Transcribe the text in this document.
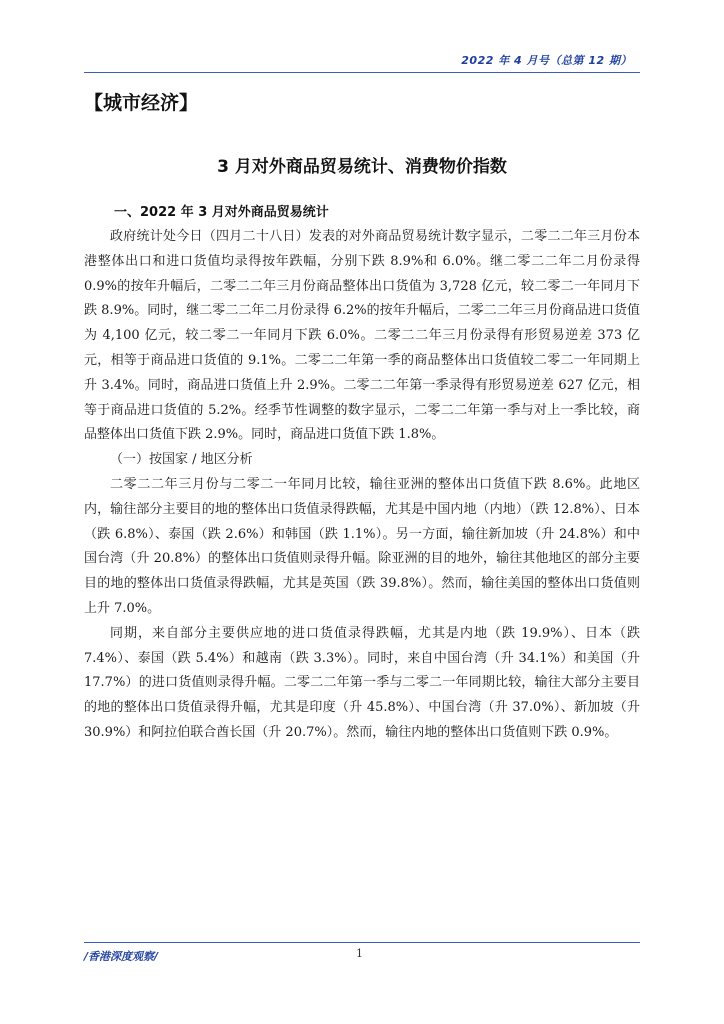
2022 年 4 月号（总第 12 期）
【城市经济】
3 月对外商品贸易统计、消费物价指数

一、2022 年 3 月对外商品贸易统计

政府统计处今日（四月二十八日）发表的对外商品贸易统计数字显示，二零二二年三月份本港整体出口和进口货值均录得按年跌幅，分别下跌 8.9%和 6.0%。继二零二二年二月份录得 0.9%的按年升幅后，二零二二年三月份商品整体出口货值为 3,728 亿元，较二零二一年同月下跌 8.9%。同时，继二零二二年二月份录得 6.2%的按年升幅后，二零二二年三月份商品进口货值为 4,100 亿元，较二零二一年同月下跌 6.0%。二零二二年三月份录得有形贸易逆差 373 亿元，相等于商品进口货值的 9.1%。二零二二年第一季的商品整体出口货值较二零二一年同期上升 3.4%。同时，商品进口货值上升 2.9%。二零二二年第一季录得有形贸易逆差 627 亿元，相等于商品进口货值的 5.2%。经季节性调整的数字显示，二零二二年第一季与对上一季比较，商品整体出口货值下跌 2.9%。同时，商品进口货值下跌 1.8%。

（一）按国家 / 地区分析

二零二二年三月份与二零二一年同月比较，输往亚洲的整体出口货值下跌 8.6%。此地区内，输往部分主要目的地的整体出口货值录得跌幅，尤其是中国内地（内地）（跌 12.8%）、日本（跌 6.8%）、泰国（跌 2.6%）和韩国（跌 1.1%）。另一方面，输往新加坡（升 24.8%）和中国台湾（升 20.8%）的整体出口货值则录得升幅。除亚洲的目的地外，输往其他地区的部分主要目的地的整体出口货值录得跌幅，尤其是英国（跌 39.8%）。然而，输往美国的整体出口货值则上升 7.0%。

同期，来自部分主要供应地的进口货值录得跌幅，尤其是内地（跌 19.9%）、日本（跌 7.4%）、泰国（跌 5.4%）和越南（跌 3.3%）。同时，来自中国台湾（升 34.1%）和美国（升 17.7%）的进口货值则录得升幅。二零二二年第一季与二零二一年同期比较，输往大部分主要目的地的整体出口货值录得升幅，尤其是印度（升 45.8%）、中国台湾（升 37.0%）、新加坡（升 30.9%）和阿拉伯联合酋长国（升 20.7%）。然而，输往内地的整体出口货值则下跌 0.9%。

/香港深度观察/	1
